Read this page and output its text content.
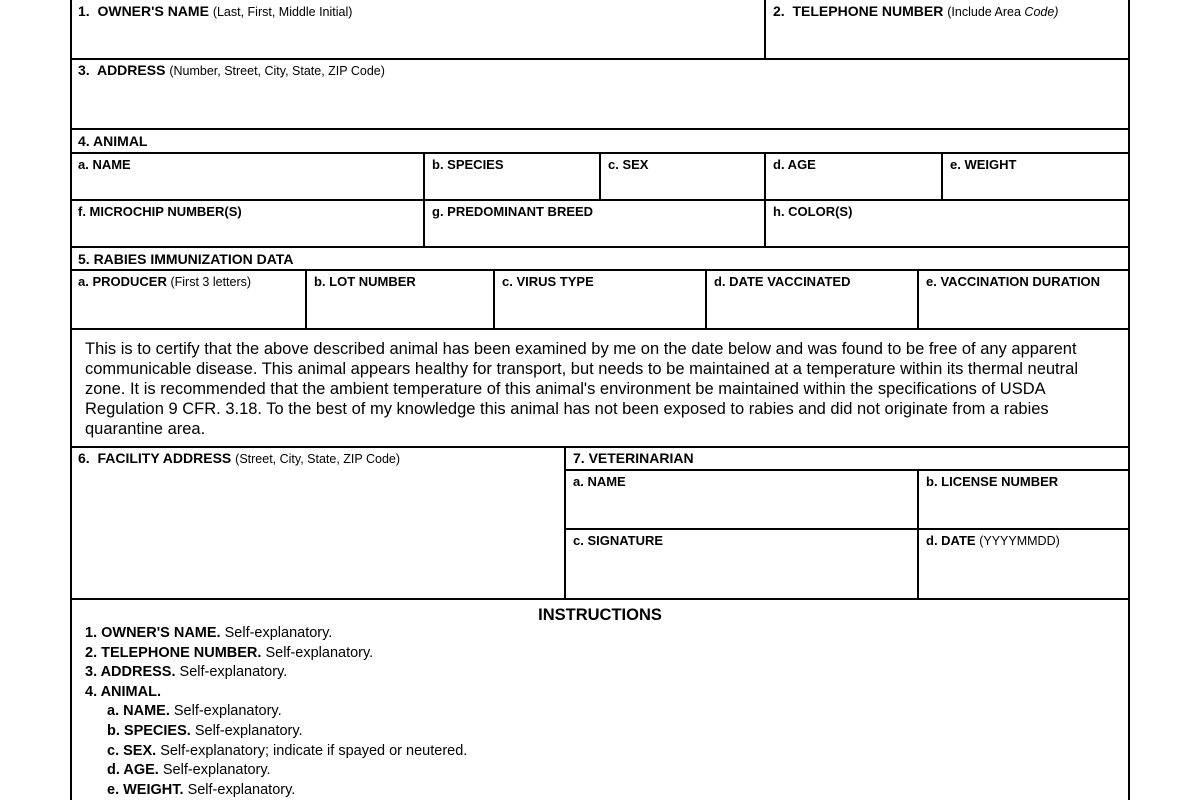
1. OWNER'S NAME (Last, First, Middle Initial)	2. TELEPHONE NUMBER (Include Area Code)
3. ADDRESS (Number, Street, City, State, ZIP Code)
4. ANIMAL
a. NAME	b. SPECIES	c. SEX	d. AGE	e. WEIGHT
f. MICROCHIP NUMBER(S)	g. PREDOMINANT BREED	h. COLOR(S)
5. RABIES IMMUNIZATION DATA
a. PRODUCER (First 3 letters)	b. LOT NUMBER	c. VIRUS TYPE	d. DATE VACCINATED	e. VACCINATION DURATION
This is to certify that the above described animal has been examined by me on the date below and was found to be free of any apparent communicable disease. This animal appears healthy for transport, but needs to be maintained at a temperature within its thermal neutral zone. It is recommended that the ambient temperature of this animal's environment be maintained within the specifications of USDA Regulation 9 CFR. 3.18. To the best of my knowledge this animal has not been exposed to rabies and did not originate from a rabies quarantine area.
6. FACILITY ADDRESS (Street, City, State, ZIP Code)	7. VETERINARIAN
a. NAME	b. LICENSE NUMBER
c. SIGNATURE	d. DATE (YYYYMMDD)
INSTRUCTIONS
1. OWNER'S NAME. Self-explanatory.
2. TELEPHONE NUMBER. Self-explanatory.
3. ADDRESS. Self-explanatory.
4. ANIMAL.
a. NAME. Self-explanatory.
b. SPECIES. Self-explanatory.
c. SEX. Self-explanatory; indicate if spayed or neutered.
d. AGE. Self-explanatory.
e. WEIGHT. Self-explanatory.
